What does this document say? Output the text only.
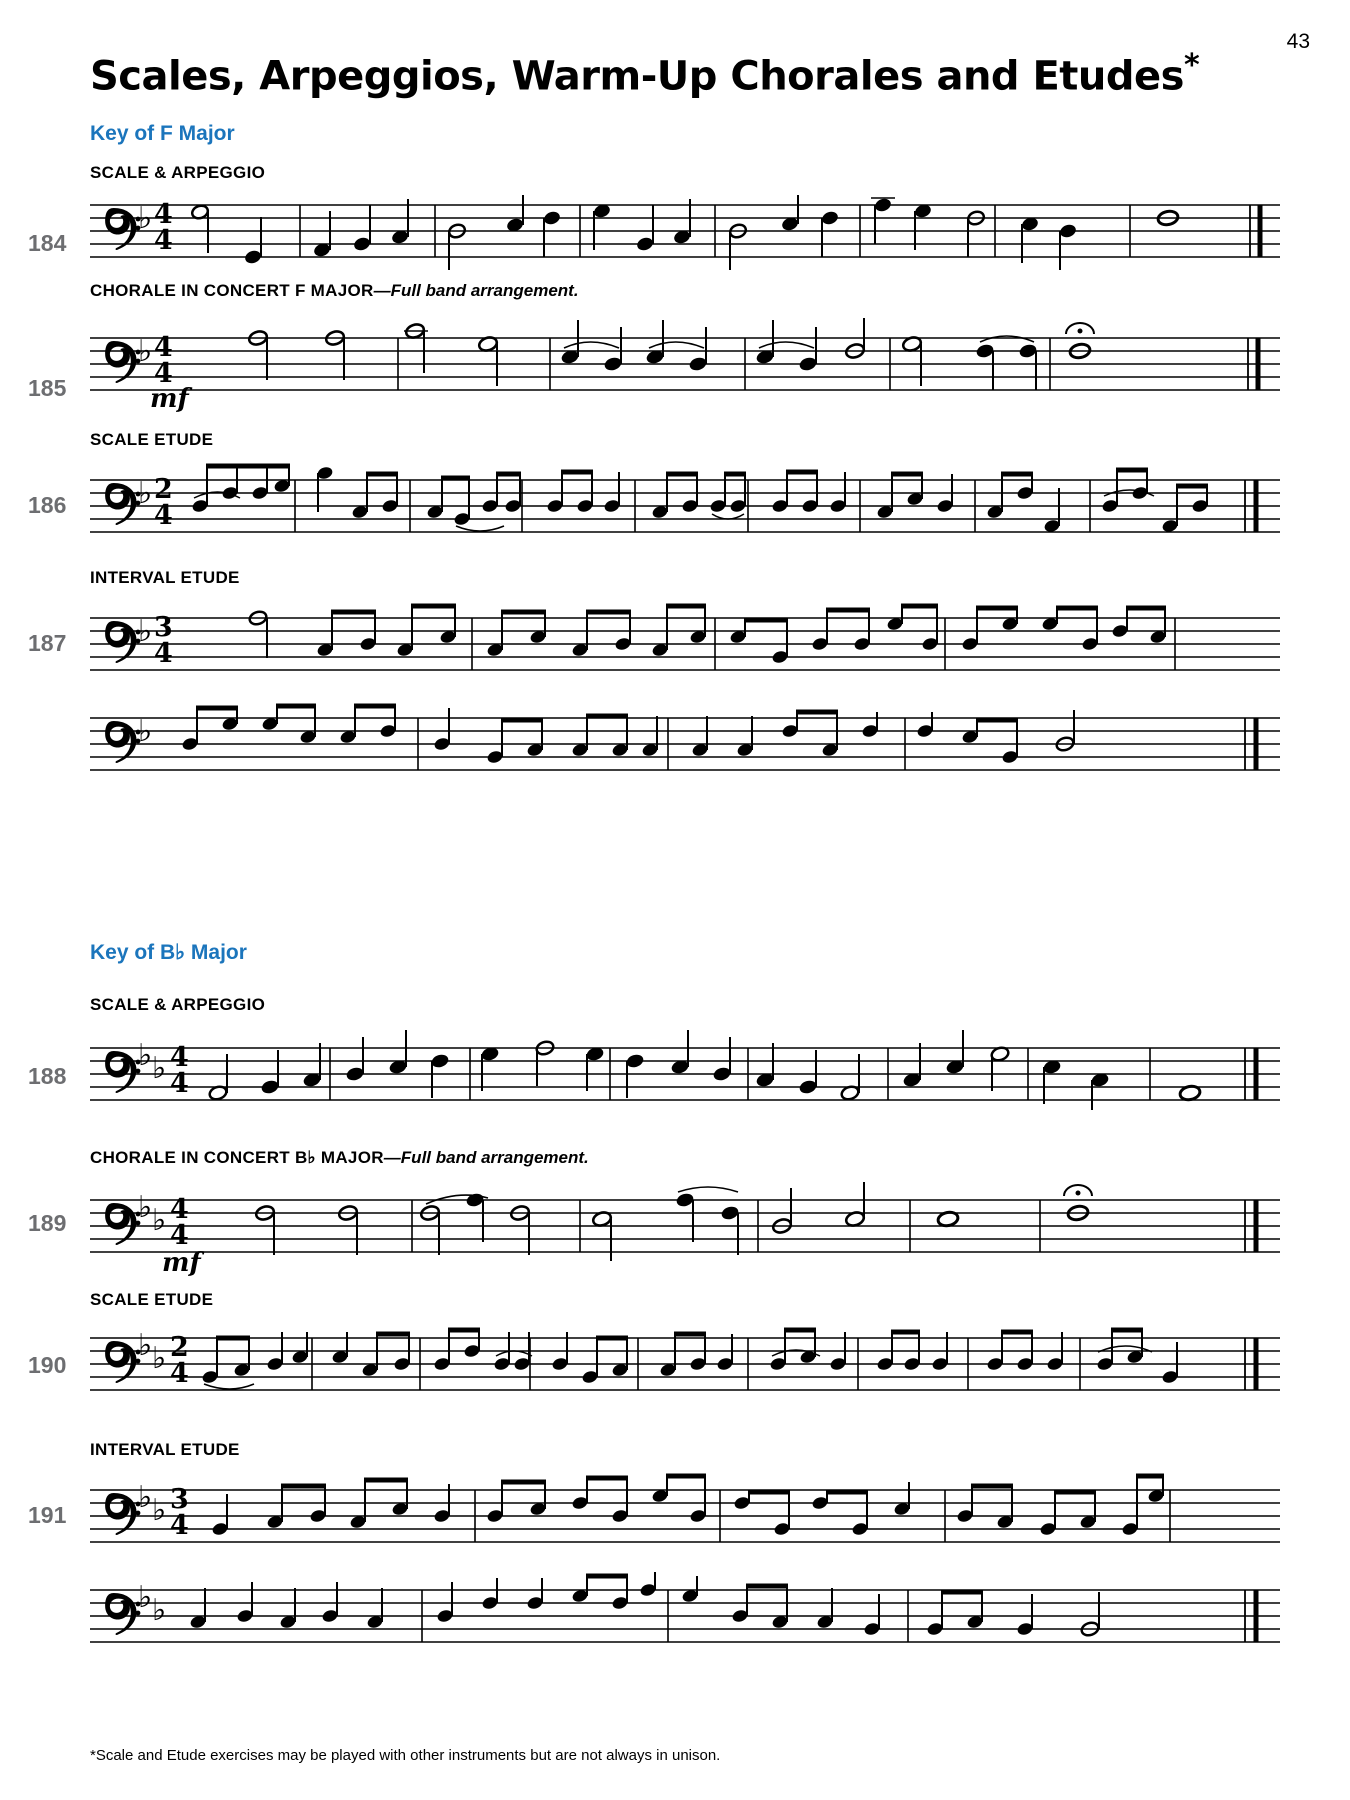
43
Scales, Arpeggios, Warm-Up Chorales and Etudes*
Key of F Major
SCALE & ARPEGGIO
184
♭ 4
4
CHORALE IN CONCERT F MAJOR—Full band arrangement.
185
♭ 4
4
mf
SCALE ETUDE
186 ♭ 2
4
INTERVAL ETUDE
187 ♭ 3
4
♭
Key of B♭ Major
SCALE & ARPEGGIO
188
♭ ♭ 4
4
CHORALE IN CONCERT B♭ MAJOR—Full band arrangement.
189 ♭ ♭ 4
4
mf
SCALE ETUDE
190
♭ ♭ 2
4
INTERVAL ETUDE
191 ♭ ♭ 3
4
♭ ♭
*Scale and Etude exercises may be played with other instruments but are not always in unison.
